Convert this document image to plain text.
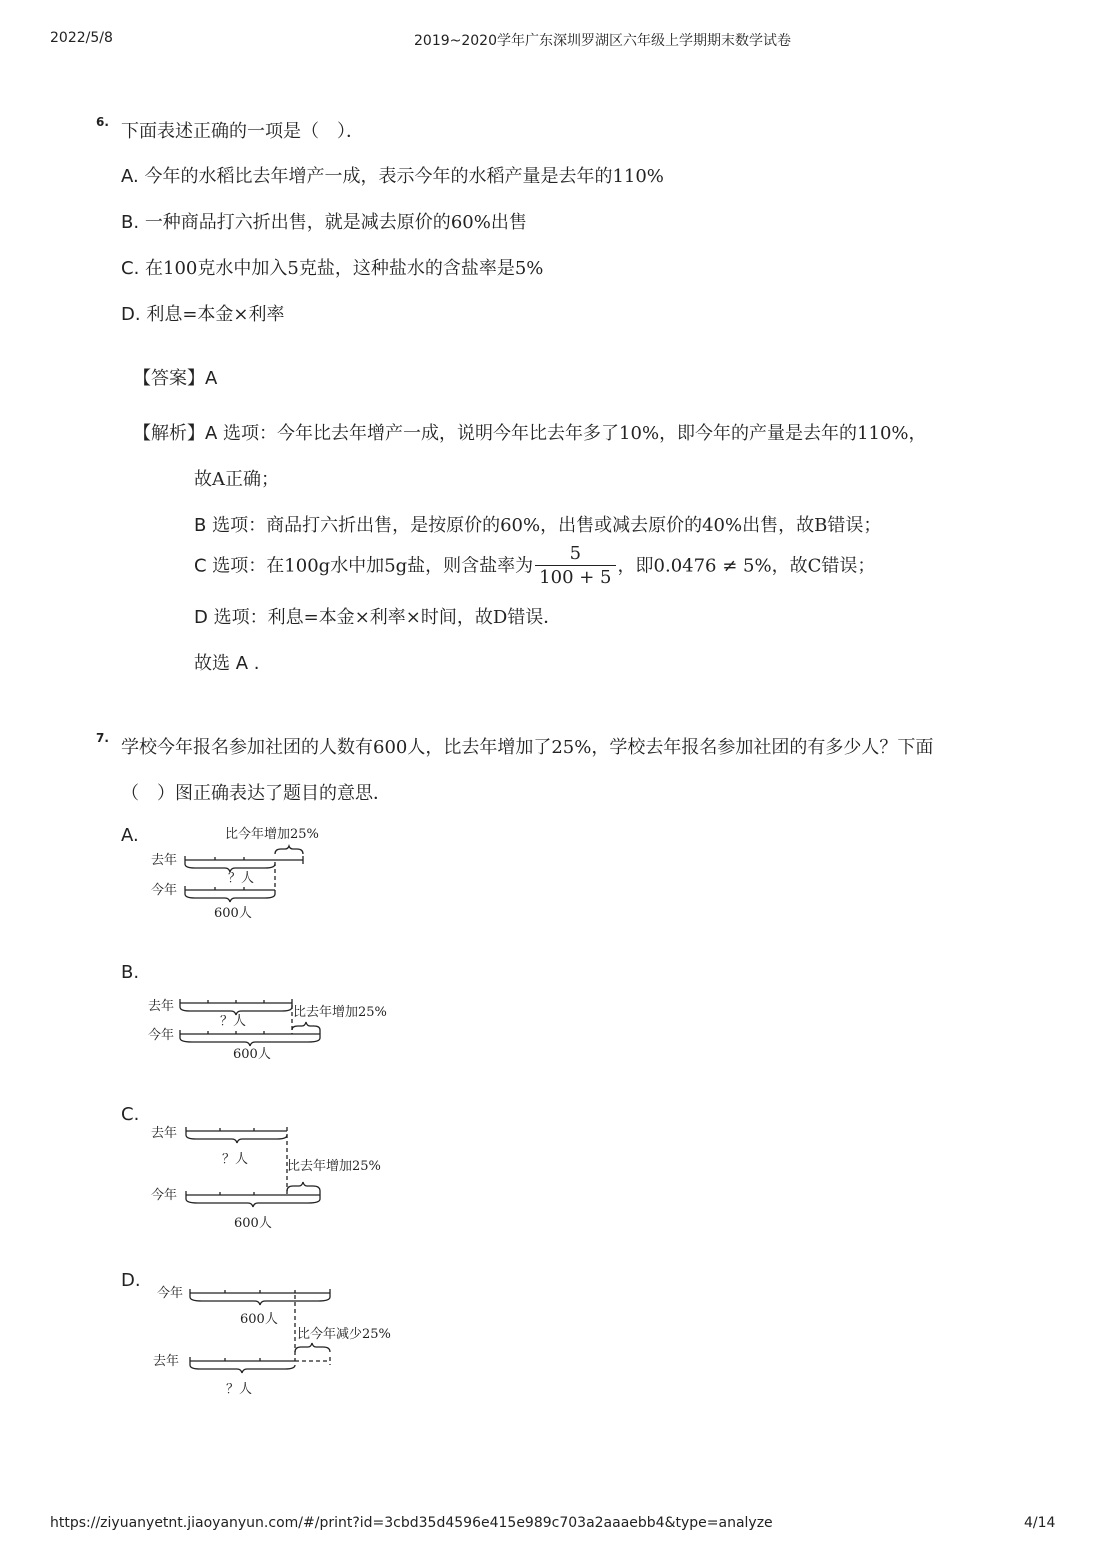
2022/5/8	2019~2020学年广东深圳罗湖区六年级上学期期末数学试卷
https://ziyuanyetnt.jiaoyanyun.com/#/print?id=3cbd35d4596e415e989c703a2aaaebb4&type=analyze	4/14
6. 下面表述正确的一项是（　）．
A. 今年的水稻比去年增产一成，表示今年的水稻产量是去年的110%
B. 一种商品打六折出售，就是减去原价的60%出售
C. 在100克水中加入5克盐，这种盐水的含盐率是5%
D. 利息=本金×利率
【答案】A
【解析】A 选项：今年比去年增产一成，说明今年比去年多了10%，即今年的产量是去年的110%，
故A正确；
B 选项：商品打六折出售，是按原价的60%，出售或减去原价的40%出售，故B错误；
C 选项：在100g水中加5g盐，则含盐率为 $\frac{5}{100 + 5}$ ，即0.0476 ≠ 5%，故C错误；
D 选项：利息=本金×利率×时间，故D错误．
故选 A .
7. 学校今年报名参加社团的人数有600人，比去年增加了25%，学校去年报名参加社团的有多少人？下面
（　）图正确表达了题目的意思．
A.
去年
今年
比今年增加25%
？人
600人
B.
去年
今年
？人
比去年增加25%
600人
C.
去年
今年
？人	比去年增加25%
600人
D.
今年
去年
600人
比今年减少25%
？人
